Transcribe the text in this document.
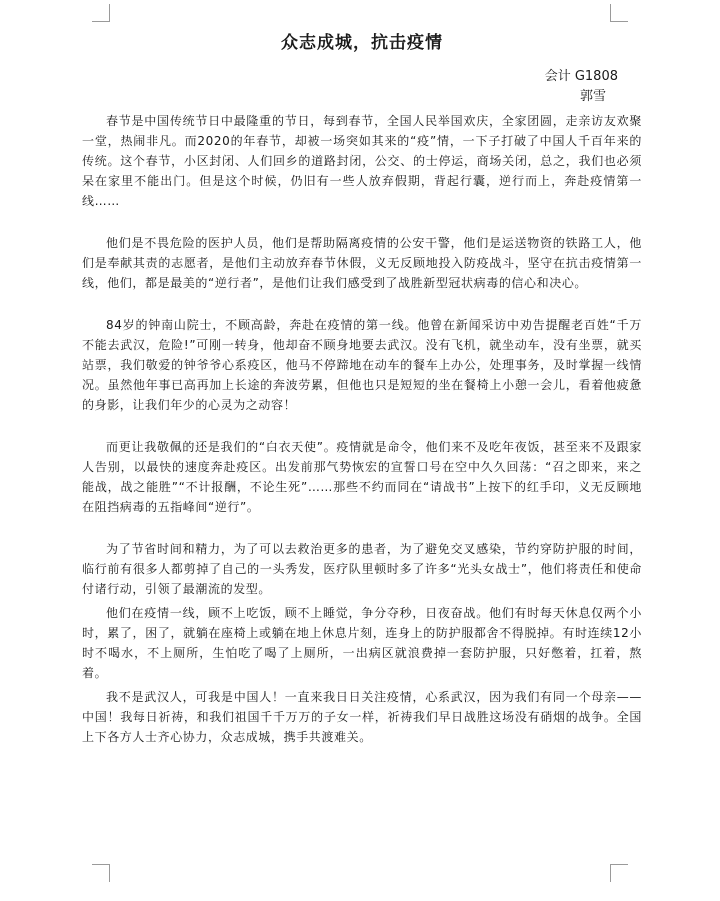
众志成城，抗击疫情
会计 G1808
郭雪

春节是中国传统节日中最隆重的节日，每到春节，全国人民举国欢庆，全家团圆，走亲访友欢聚一堂，热闹非凡。而2020的年春节，却被一场突如其来的“疫”情，一下子打破了中国人千百年来的传统。这个春节，小区封闭、人们回乡的道路封闭，公交、的士停运，商场关闭，总之，我们也必须呆在家里不能出门。但是这个时候，仍旧有一些人放弃假期，背起行囊，逆行而上，奔赴疫情第一线……

他们是不畏危险的医护人员，他们是帮助隔离疫情的公安干警，他们是运送物资的铁路工人，他们是奉献其责的志愿者，是他们主动放弃春节休假，义无反顾地投入防疫战斗，坚守在抗击疫情第一线，他们，都是最美的“逆行者”，是他们让我们感受到了战胜新型冠状病毒的信心和决心。

84岁的钟南山院士，不顾高龄，奔赴在疫情的第一线。他曾在新闻采访中劝告提醒老百姓“千万不能去武汉，危险!”可刚一转身，他却奋不顾身地要去武汉。没有飞机，就坐动车，没有坐票，就买站票，我们敬爱的钟爷爷心系疫区，他马不停蹄地在动车的餐车上办公，处理事务，及时掌握一线情况。虽然他年事已高再加上长途的奔波劳累，但他也只是短短的坐在餐椅上小憩一会儿，看着他疲惫的身影，让我们年少的心灵为之动容！

而更让我敬佩的还是我们的“白衣天使”。疫情就是命令，他们来不及吃年夜饭，甚至来不及跟家人告别，以最快的速度奔赴疫区。出发前那气势恢宏的宣誓口号在空中久久回荡：“召之即来，来之能战，战之能胜”“不计报酬，不论生死”……那些不约而同在“请战书”上按下的红手印，义无反顾地在阻挡病毒的五指峰间“逆行”。

为了节省时间和精力，为了可以去救治更多的患者，为了避免交叉感染，节约穿防护服的时间，临行前有很多人都剪掉了自己的一头秀发，医疗队里顿时多了许多“光头女战士”，他们将责任和使命付诸行动，引领了最潮流的发型。

他们在疫情一线，顾不上吃饭，顾不上睡觉，争分夺秒，日夜奋战。他们有时每天休息仅两个小时，累了，困了，就躺在座椅上或躺在地上休息片刻，连身上的防护服都舍不得脱掉。有时连续12小时不喝水，不上厕所，生怕吃了喝了上厕所，一出病区就浪费掉一套防护服，只好憋着，扛着，熬着。

我不是武汉人，可我是中国人！一直来我日日关注疫情，心系武汉，因为我们有同一个母亲——中国！我每日祈祷，和我们祖国千千万万的子女一样，祈祷我们早日战胜这场没有硝烟的战争。全国上下各方人士齐心协力，众志成城，携手共渡难关。
